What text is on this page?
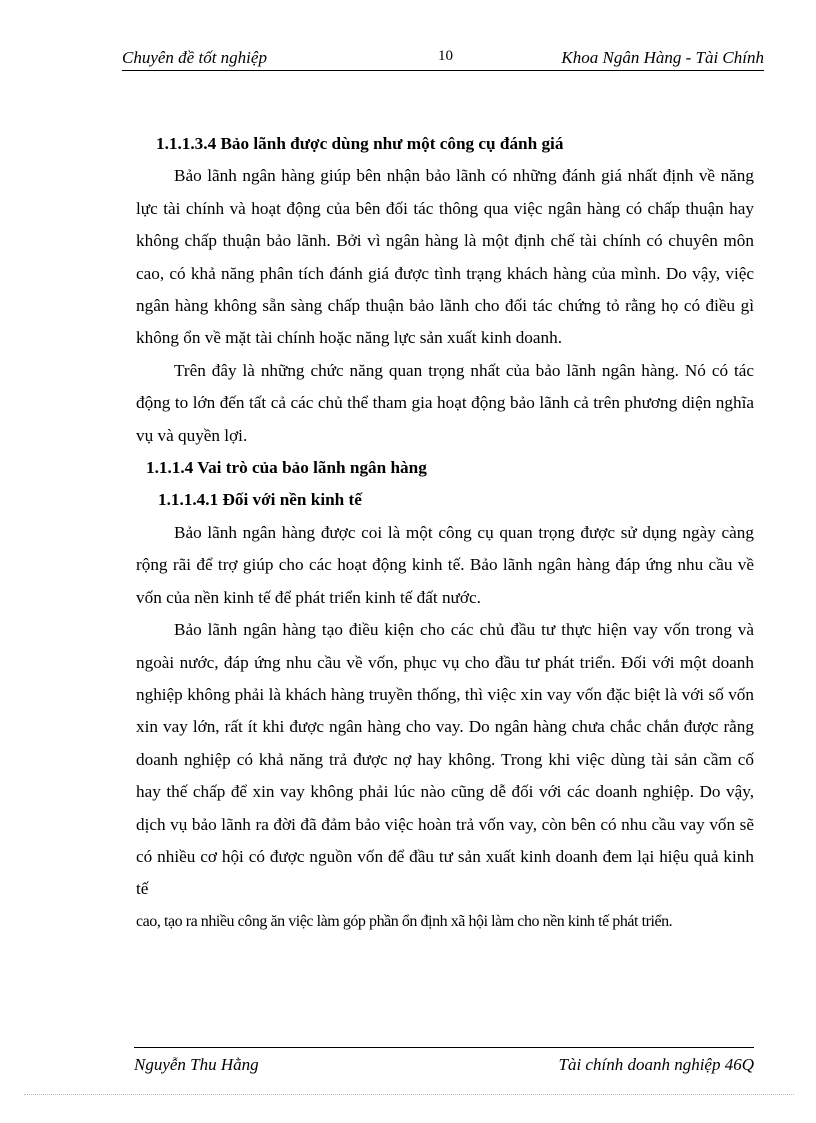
Chuyên đề tốt nghiệp	10	Khoa Ngân Hàng - Tài Chính
1.1.1.3.4 Bảo lãnh được dùng như một công cụ đánh giá

Bảo lãnh ngân hàng giúp bên nhận bảo lãnh có những đánh giá nhất định về năng lực tài chính và hoạt động của bên đối tác thông qua việc ngân hàng có chấp thuận hay không chấp thuận bảo lãnh. Bởi vì ngân hàng là một định chế tài chính có chuyên môn cao, có khả năng phân tích đánh giá được tình trạng khách hàng của mình. Do vậy, việc ngân hàng không sẵn sàng chấp thuận bảo lãnh cho đối tác chứng tỏ rằng họ có điều gì không ổn về mặt tài chính hoặc năng lực sản xuất kinh doanh.

Trên đây là những chức năng quan trọng nhất của bảo lãnh ngân hàng. Nó có tác động to lớn đến tất cả các chủ thể tham gia hoạt động bảo lãnh cả trên phương diện nghĩa vụ và quyền lợi.

1.1.1.4 Vai trò của bảo lãnh ngân hàng
1.1.1.4.1 Đối với nền kinh tế

Bảo lãnh ngân hàng được coi là một công cụ quan trọng được sử dụng ngày càng rộng rãi để trợ giúp cho các hoạt động kinh tế. Bảo lãnh ngân hàng đáp ứng nhu cầu về vốn của nền kinh tế để phát triển kinh tế đất nước.

Bảo lãnh ngân hàng tạo điều kiện cho các chủ đầu tư thực hiện vay vốn trong và ngoài nước, đáp ứng nhu cầu về vốn, phục vụ cho đầu tư phát triển. Đối với một doanh nghiệp không phải là khách hàng truyền thống, thì việc xin vay vốn đặc biệt là với số vốn xin vay lớn, rất ít khi được ngân hàng cho vay. Do ngân hàng chưa chắc chắn được rằng doanh nghiệp có khả năng trả được nợ hay không. Trong khi việc dùng tài sản cầm cố hay thế chấp để xin vay không phải lúc nào cũng dễ đối với các doanh nghiệp. Do vậy, dịch vụ bảo lãnh ra đời đã đảm bảo việc hoàn trả vốn vay, còn bên có nhu cầu vay vốn sẽ có nhiều cơ hội có được nguồn vốn để đầu tư sản xuất kinh doanh đem lại hiệu quả kinh tế

cao, tạo ra nhiều công ăn việc làm góp phần ổn định xã hội làm cho nền kinh tế phát triển.

Nguyễn Thu Hằng	Tài chính doanh nghiệp 46Q
